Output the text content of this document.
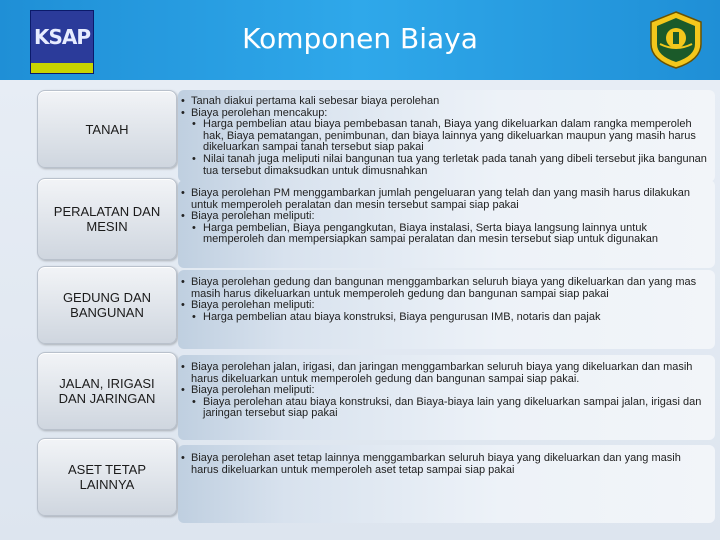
KSAP	Komponen Biaya
TANAH
• Tanah diakui pertama kali sebesar biaya perolehan
• Biaya perolehan mencakup:
• Harga pembelian atau biaya pembebasan tanah, Biaya yang dikeluarkan dalam rangka memperoleh hak, Biaya pematangan, penimbunan, dan biaya lainnya yang dikeluarkan maupun yang masih harus dikeluarkan sampai tanah tersebut siap pakai
• Nilai tanah juga meliputi nilai bangunan tua yang terletak pada tanah yang dibeli tersebut jika bangunan tua tersebut dimaksudkan untuk dimusnahkan
PERALATAN DAN
MESIN
• Biaya perolehan PM menggambarkan jumlah pengeluaran yang telah dan yang masih harus dilakukan untuk memperoleh peralatan dan mesin tersebut sampai siap pakai
• Biaya perolehan meliputi:
• Harga pembelian, Biaya pengangkutan, Biaya instalasi, Serta biaya langsung lainnya untuk memperoleh dan mempersiapkan sampai peralatan dan mesin tersebut siap untuk digunakan
GEDUNG DAN
BANGUNAN
• Biaya perolehan gedung dan bangunan menggambarkan seluruh biaya yang dikeluarkan dan yang mas masih harus dikeluarkan untuk memperoleh gedung dan bangunan sampai siap pakai
• Biaya perolehan meliputi:
• Harga pembelian atau biaya konstruksi, Biaya pengurusan IMB, notaris dan pajak
JALAN, IRIGASI
DAN JARINGAN
• Biaya perolehan jalan, irigasi, dan jaringan menggambarkan seluruh biaya yang dikeluarkan dan masih harus dikeluarkan untuk memperoleh gedung dan bangunan sampai siap pakai.
• Biaya perolehan meliputi:
• Biaya perolehan atau biaya konstruksi, dan Biaya-biaya lain yang dikeluarkan sampai jalan, irigasi dan jaringan tersebut siap pakai
ASET TETAP
LAINNYA
• Biaya perolehan aset tetap lainnya menggambarkan seluruh biaya yang dikeluarkan dan yang masih harus dikeluarkan untuk memperoleh aset tetap sampai siap pakai
